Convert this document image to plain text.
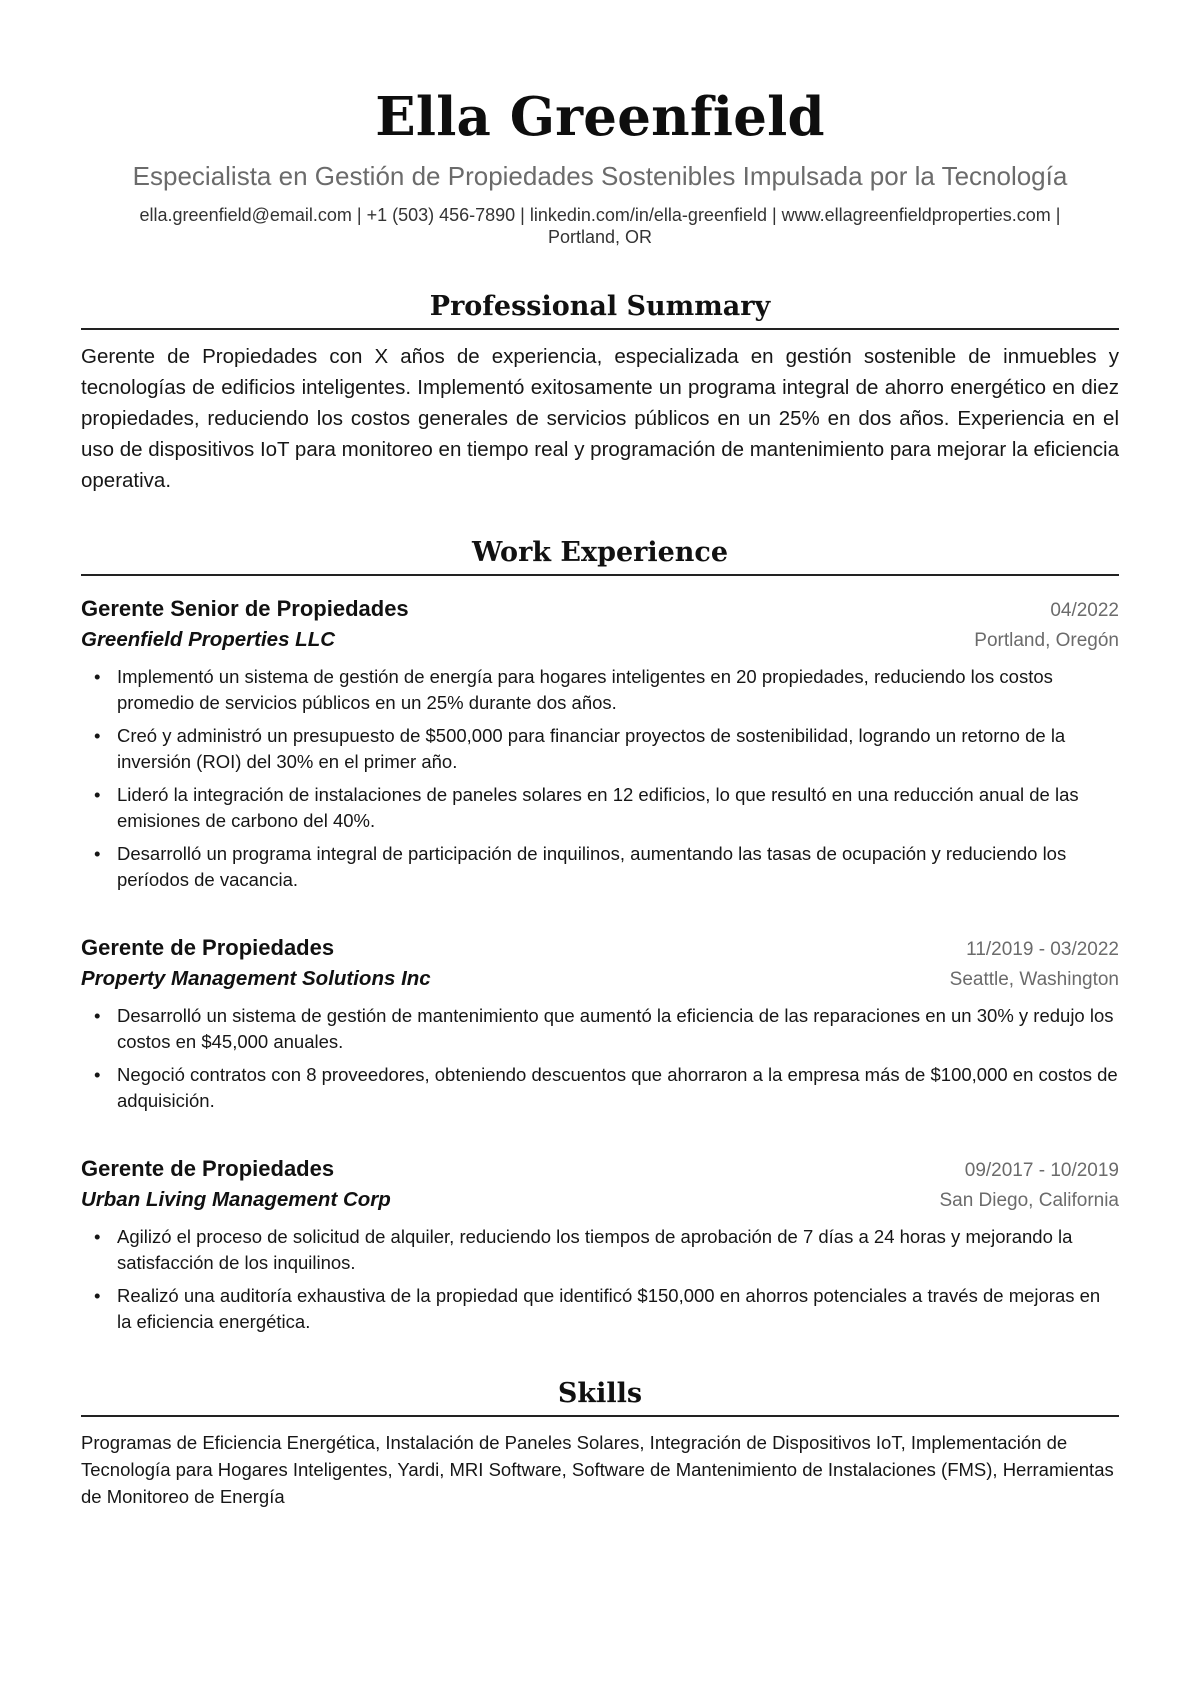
Ella Greenfield
Especialista en Gestión de Propiedades Sostenibles Impulsada por la Tecnología
ella.greenfield@email.com | +1 (503) 456-7890 | linkedin.com/in/ella-greenfield | www.ellagreenfieldproperties.com |
Portland, OR
Professional Summary
Gerente de Propiedades con X años de experiencia, especializada en gestión sostenible de inmuebles y tecnologías de edificios inteligentes. Implementó exitosamente un programa integral de ahorro energético en diez propiedades, reduciendo los costos generales de servicios públicos en un 25% en dos años. Experiencia en el uso de dispositivos IoT para monitoreo en tiempo real y programación de mantenimiento para mejorar la eficiencia operativa.
Work Experience
Gerente Senior de Propiedades	04/2022
Greenfield Properties LLC	Portland, Oregón
• Implementó un sistema de gestión de energía para hogares inteligentes en 20 propiedades, reduciendo los costos promedio de servicios públicos en un 25% durante dos años.
• Creó y administró un presupuesto de $500,000 para financiar proyectos de sostenibilidad, logrando un retorno de la inversión (ROI) del 30% en el primer año.
• Lideró la integración de instalaciones de paneles solares en 12 edificios, lo que resultó en una reducción anual de las emisiones de carbono del 40%.
• Desarrolló un programa integral de participación de inquilinos, aumentando las tasas de ocupación y reduciendo los períodos de vacancia.
Gerente de Propiedades	11/2019 - 03/2022
Property Management Solutions Inc	Seattle, Washington
• Desarrolló un sistema de gestión de mantenimiento que aumentó la eficiencia de las reparaciones en un 30% y redujo los costos en $45,000 anuales.
• Negoció contratos con 8 proveedores, obteniendo descuentos que ahorraron a la empresa más de $100,000 en costos de adquisición.
Gerente de Propiedades	09/2017 - 10/2019
Urban Living Management Corp	San Diego, California
• Agilizó el proceso de solicitud de alquiler, reduciendo los tiempos de aprobación de 7 días a 24 horas y mejorando la satisfacción de los inquilinos.
• Realizó una auditoría exhaustiva de la propiedad que identificó $150,000 en ahorros potenciales a través de mejoras en la eficiencia energética.
Skills
Programas de Eficiencia Energética, Instalación de Paneles Solares, Integración de Dispositivos IoT, Implementación de Tecnología para Hogares Inteligentes, Yardi, MRI Software, Software de Mantenimiento de Instalaciones (FMS), Herramientas de Monitoreo de Energía
